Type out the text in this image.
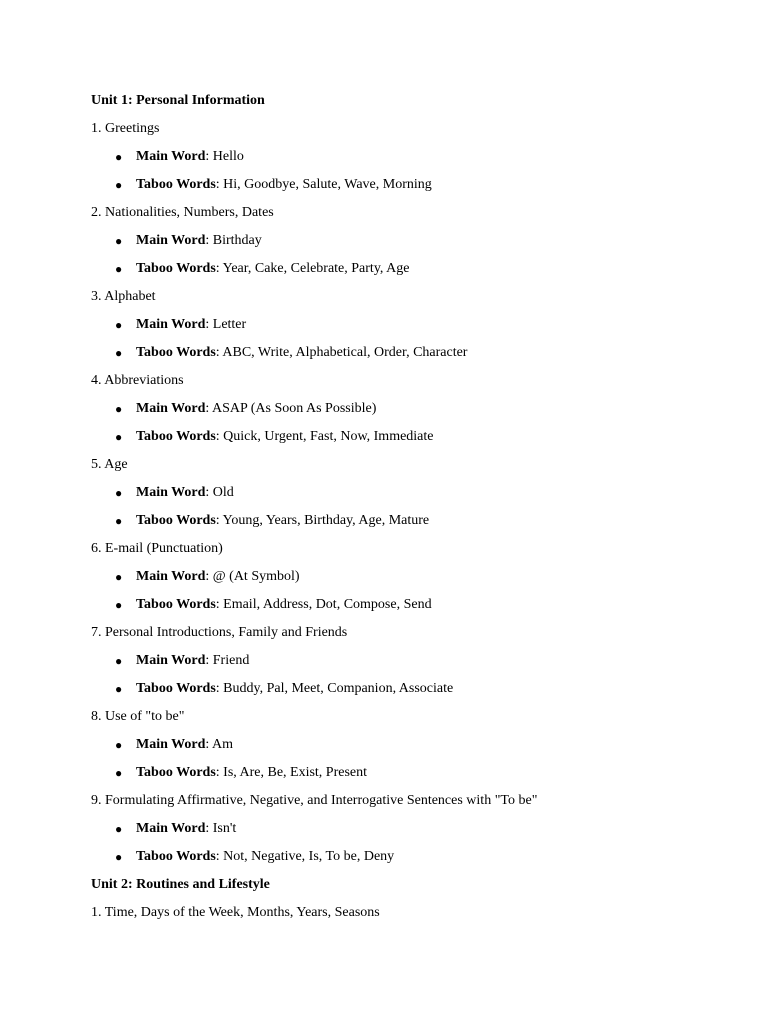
Unit 1: Personal Information
1. Greetings
● Main Word: Hello
● Taboo Words: Hi, Goodbye, Salute, Wave, Morning
2. Nationalities, Numbers, Dates
● Main Word: Birthday
● Taboo Words: Year, Cake, Celebrate, Party, Age
3. Alphabet
● Main Word: Letter
● Taboo Words: ABC, Write, Alphabetical, Order, Character
4. Abbreviations
● Main Word: ASAP (As Soon As Possible)
● Taboo Words: Quick, Urgent, Fast, Now, Immediate
5. Age
● Main Word: Old
● Taboo Words: Young, Years, Birthday, Age, Mature
6. E-mail (Punctuation)
● Main Word: @ (At Symbol)
● Taboo Words: Email, Address, Dot, Compose, Send
7. Personal Introductions, Family and Friends
● Main Word: Friend
● Taboo Words: Buddy, Pal, Meet, Companion, Associate
8. Use of "to be"
● Main Word: Am
● Taboo Words: Is, Are, Be, Exist, Present
9. Formulating Affirmative, Negative, and Interrogative Sentences with "To be"
● Main Word: Isn't
● Taboo Words: Not, Negative, Is, To be, Deny
Unit 2: Routines and Lifestyle
1. Time, Days of the Week, Months, Years, Seasons
